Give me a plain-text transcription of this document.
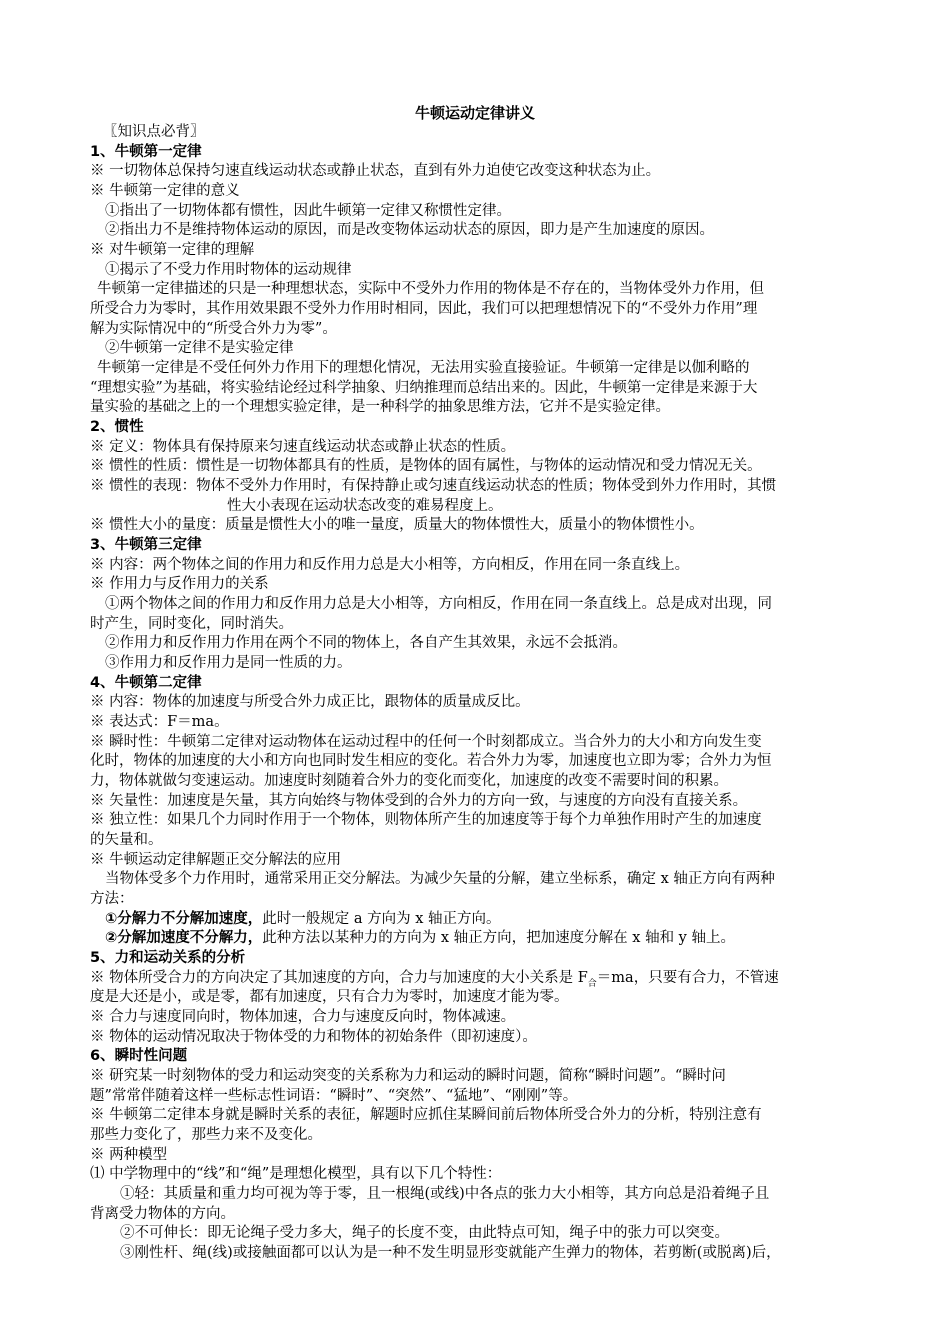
牛顿运动定律讲义
〖知识点必背〗
1、牛顿第一定律
※ 一切物体总保持匀速直线运动状态或静止状态，直到有外力迫使它改变这种状态为止。
※ 牛顿第一定律的意义
①指出了一切物体都有惯性，因此牛顿第一定律又称惯性定律。
②指出力不是维持物体运动的原因，而是改变物体运动状态的原因，即力是产生加速度的原因。
※ 对牛顿第一定律的理解
①揭示了不受力作用时物体的运动规律
牛顿第一定律描述的只是一种理想状态，实际中不受外力作用的物体是不存在的，当物体受外力作用，但
所受合力为零时，其作用效果跟不受外力作用时相同，因此，我们可以把理想情况下的“不受外力作用”理
解为实际情况中的“所受合外力为零”。
②牛顿第一定律不是实验定律
牛顿第一定律是不受任何外力作用下的理想化情况，无法用实验直接验证。牛顿第一定律是以伽利略的
“理想实验”为基础，将实验结论经过科学抽象、归纳推理而总结出来的。因此，牛顿第一定律是来源于大
量实验的基础之上的一个理想实验定律，是一种科学的抽象思维方法，它并不是实验定律。
2、惯性
※ 定义：物体具有保持原来匀速直线运动状态或静止状态的性质。
※ 惯性的性质：惯性是一切物体都具有的性质，是物体的固有属性，与物体的运动情况和受力情况无关。
※ 惯性的表现：物体不受外力作用时，有保持静止或匀速直线运动状态的性质；物体受到外力作用时，其惯
性大小表现在运动状态改变的难易程度上。
※ 惯性大小的量度：质量是惯性大小的唯一量度，质量大的物体惯性大，质量小的物体惯性小。
3、牛顿第三定律
※ 内容：两个物体之间的作用力和反作用力总是大小相等，方向相反，作用在同一条直线上。
※ 作用力与反作用力的关系
①两个物体之间的作用力和反作用力总是大小相等，方向相反，作用在同一条直线上。总是成对出现，同
时产生，同时变化，同时消失。
②作用力和反作用力作用在两个不同的物体上，各自产生其效果，永远不会抵消。
③作用力和反作用力是同一性质的力。
4、牛顿第二定律
※ 内容：物体的加速度与所受合外力成正比，跟物体的质量成反比。
※ 表达式：F＝ma。
※ 瞬时性：牛顿第二定律对运动物体在运动过程中的任何一个时刻都成立。当合外力的大小和方向发生变
化时，物体的加速度的大小和方向也同时发生相应的变化。若合外力为零，加速度也立即为零；合外力为恒
力，物体就做匀变速运动。加速度时刻随着合外力的变化而变化，加速度的改变不需要时间的积累。
※ 矢量性：加速度是矢量，其方向始终与物体受到的合外力的方向一致，与速度的方向没有直接关系。
※ 独立性：如果几个力同时作用于一个物体，则物体所产生的加速度等于每个力单独作用时产生的加速度
的矢量和。
※ 牛顿运动定律解题正交分解法的应用
当物体受多个力作用时，通常采用正交分解法。为减少矢量的分解，建立坐标系，确定 x 轴正方向有两种
方法：
①分解力不分解加速度，此时一般规定 a 方向为 x 轴正方向。
②分解加速度不分解力，此种方法以某种力的方向为 x 轴正方向，把加速度分解在 x 轴和 y 轴上。
5、力和运动关系的分析
※ 物体所受合力的方向决定了其加速度的方向，合力与加速度的大小关系是 $F_合=ma$，只要有合力，不管速
度是大还是小，或是零，都有加速度，只有合力为零时，加速度才能为零。
※ 合力与速度同向时，物体加速，合力与速度反向时，物体减速。
※ 物体的运动情况取决于物体受的力和物体的初始条件（即初速度）。
6、瞬时性问题
※ 研究某一时刻物体的受力和运动突变的关系称为力和运动的瞬时问题，简称“瞬时问题”。“瞬时问
题”常常伴随着这样一些标志性词语：“瞬时”、“突然”、“猛地”、“刚刚”等。
※ 牛顿第二定律本身就是瞬时关系的表征，解题时应抓住某瞬间前后物体所受合外力的分析，特别注意有
那些力变化了，那些力来不及变化。
※ 两种模型
⑴ 中学物理中的“线”和“绳”是理想化模型，具有以下几个特性：
①轻：其质量和重力均可视为等于零，且一根绳(或线)中各点的张力大小相等，其方向总是沿着绳子且
背离受力物体的方向。
②不可伸长：即无论绳子受力多大，绳子的长度不变，由此特点可知，绳子中的张力可以突变。
③刚性杆、绳(线)或接触面都可以认为是一种不发生明显形变就能产生弹力的物体，若剪断(或脱离)后，
